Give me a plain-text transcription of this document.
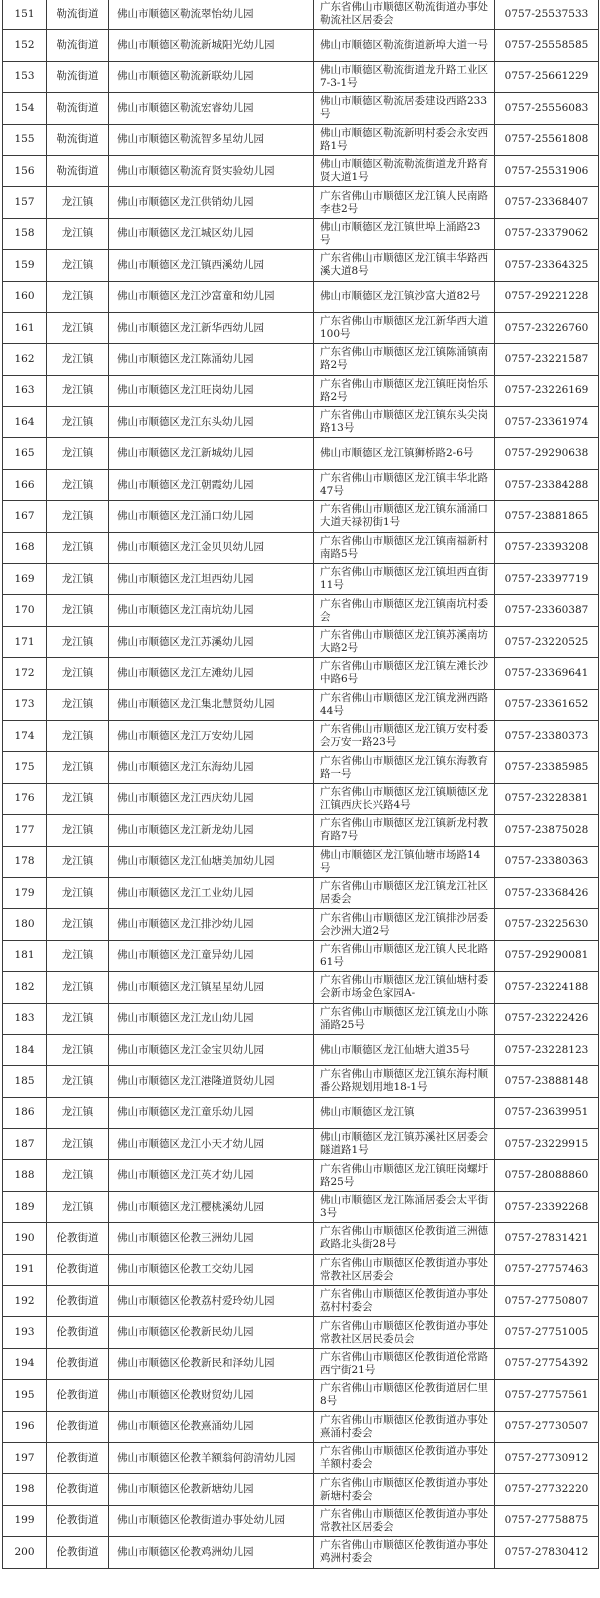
151	勒流街道	佛山市顺德区勒流翠怡幼儿园	广东省佛山市顺德区勒流街道办事处勒流社区居委会	0757-25537533
152	勒流街道	佛山市顺德区勒流新城阳光幼儿园	佛山市顺德区勒流街道新埠大道一号	0757-25558585
153	勒流街道	佛山市顺德区勒流新联幼儿园	佛山市顺德区勒流街道龙升路工业区7-3-1号	0757-25661229
154	勒流街道	佛山市顺德区勒流宏睿幼儿园	佛山市顺德区勒流居委建设西路233号	0757-25556083
155	勒流街道	佛山市顺德区勒流智多星幼儿园	佛山市顺德区勒流新明村委会永安西路1号	0757-25561808
156	勒流街道	佛山市顺德区勒流育贤实验幼儿园	佛山市顺德区勒流勒流街道龙升路育贤大道1号	0757-25531906
157	龙江镇	佛山市顺德区龙江供销幼儿园	广东省佛山市顺德区龙江镇人民南路李巷2号	0757-23368407
158	龙江镇	佛山市顺德区龙江城区幼儿园	佛山市顺德区龙江镇世埠上涌路23号	0757-23379062
159	龙江镇	佛山市顺德区龙江镇西溪幼儿园	广东省佛山市顺德区龙江镇丰华路西溪大道8号	0757-23364325
160	龙江镇	佛山市顺德区龙江沙富童和幼儿园	佛山市顺德区龙江镇沙富大道82号	0757-29221228
161	龙江镇	佛山市顺德区龙江新华西幼儿园	广东省佛山市顺德区龙江新华西大道100号	0757-23226760
162	龙江镇	佛山市顺德区龙江陈涌幼儿园	广东省佛山市顺德区龙江镇陈涌镇南路2号	0757-23221587
163	龙江镇	佛山市顺德区龙江旺岗幼儿园	广东省佛山市顺德区龙江镇旺岗怡乐路2号	0757-23226169
164	龙江镇	佛山市顺德区龙江东头幼儿园	广东省佛山市顺德区龙江镇东头尖岗路13号	0757-23361974
165	龙江镇	佛山市顺德区龙江新城幼儿园	佛山市顺德区龙江镇狮桥路2-6号	0757-29290638
166	龙江镇	佛山市顺德区龙江朝霞幼儿园	广东省佛山市顺德区龙江镇丰华北路47号	0757-23384288
167	龙江镇	佛山市顺德区龙江涌口幼儿园	广东省佛山市顺德区龙江镇东涌涌口大道天禄初街1号	0757-23881865
168	龙江镇	佛山市顺德区龙江金贝贝幼儿园	广东省佛山市顺德区龙江镇南福新村南路5号	0757-23393208
169	龙江镇	佛山市顺德区龙江坦西幼儿园	广东省佛山市顺德区龙江镇坦西直街11号	0757-23397719
170	龙江镇	佛山市顺德区龙江南坑幼儿园	广东省佛山市顺德区龙江镇南坑村委会	0757-23360387
171	龙江镇	佛山市顺德区龙江苏溪幼儿园	广东省佛山市顺德区龙江镇苏溪南坊大路2号	0757-23220525
172	龙江镇	佛山市顺德区龙江左滩幼儿园	广东省佛山市顺德区龙江镇左滩长沙中路6号	0757-23369641
173	龙江镇	佛山市顺德区龙江集北慧贤幼儿园	广东省佛山市顺德区龙江镇龙洲西路44号	0757-23361652
174	龙江镇	佛山市顺德区龙江万安幼儿园	广东省佛山市顺德区龙江镇万安村委会万安一路23号	0757-23380373
175	龙江镇	佛山市顺德区龙江东海幼儿园	广东省佛山市顺德区龙江镇东海教育路一号	0757-23385985
176	龙江镇	佛山市顺德区龙江西庆幼儿园	广东省佛山市顺德区龙江镇顺德区龙江镇西庆长兴路4号	0757-23228381
177	龙江镇	佛山市顺德区龙江新龙幼儿园	广东省佛山市顺德区龙江镇新龙村教育路7号	0757-23875028
178	龙江镇	佛山市顺德区龙江仙塘美加幼儿园	佛山市顺德区龙江镇仙塘市场路14号	0757-23380363
179	龙江镇	佛山市顺德区龙江工业幼儿园	广东省佛山市顺德区龙江镇龙江社区居委会	0757-23368426
180	龙江镇	佛山市顺德区龙江排沙幼儿园	广东省佛山市顺德区龙江镇排沙居委会沙洲大道2号	0757-23225630
181	龙江镇	佛山市顺德区龙江童异幼儿园	广东省佛山市顺德区龙江镇人民北路61号	0757-29290081
182	龙江镇	佛山市顺德区龙江镇星星幼儿园	广东省佛山市顺德区龙江镇仙塘村委会新市场金色家园A-	0757-23224188
183	龙江镇	佛山市顺德区龙江龙山幼儿园	广东省佛山市顺德区龙江镇龙山小陈涌路25号	0757-23222426
184	龙江镇	佛山市顺德区龙江金宝贝幼儿园	佛山市顺德区龙江仙塘大道35号	0757-23228123
185	龙江镇	佛山市顺德区龙江港隆道贤幼儿园	广东省佛山市顺德区龙江镇东海村顺番公路规划用地18-1号	0757-23888148
186	龙江镇	佛山市顺德区龙江童乐幼儿园	佛山市顺德区龙江镇	0757-23639951
187	龙江镇	佛山市顺德区龙江小天才幼儿园	佛山市顺德区龙江镇苏溪社区居委会隧道路1号	0757-23229915
188	龙江镇	佛山市顺德区龙江英才幼儿园	广东省佛山市顺德区龙江镇旺岗螺圩路25号	0757-28088860
189	龙江镇	佛山市顺德区龙江樱桃溪幼儿园	佛山市顺德区龙江陈涌居委会太平街3号	0757-23392268
190	伦教街道	佛山市顺德区伦教三洲幼儿园	广东省佛山市顺德区伦教街道三洲德政路北头街28号	0757-27831421
191	伦教街道	佛山市顺德区伦教工交幼儿园	广东省佛山市顺德区伦教街道办事处常教社区居委会	0757-27757463
192	伦教街道	佛山市顺德区伦教荔村爱玲幼儿园	广东省佛山市顺德区伦教街道办事处荔村村委会	0757-27750807
193	伦教街道	佛山市顺德区伦教新民幼儿园	广东省佛山市顺德区伦教街道办事处常教社区居民委员会	0757-27751005
194	伦教街道	佛山市顺德区伦教新民和泽幼儿园	广东省佛山市顺德区伦教街道伦常路西宁街21号	0757-27754392
195	伦教街道	佛山市顺德区伦教财贸幼儿园	广东省佛山市顺德区伦教街道居仁里8号	0757-27757561
196	伦教街道	佛山市顺德区伦教熹涌幼儿园	广东省佛山市顺德区伦教街道办事处熹涌村委会	0757-27730507
197	伦教街道	佛山市顺德区伦教羊额翁何韵清幼儿园	广东省佛山市顺德区伦教街道办事处羊额村委会	0757-27730912
198	伦教街道	佛山市顺德区伦教新塘幼儿园	广东省佛山市顺德区伦教街道办事处新塘村委会	0757-27732220
199	伦教街道	佛山市顺德区伦教街道办事处幼儿园	广东省佛山市顺德区伦教街道办事处常教社区居委会	0757-27758875
200	伦教街道	佛山市顺德区伦教鸡洲幼儿园	广东省佛山市顺德区伦教街道办事处鸡洲村委会	0757-27830412
